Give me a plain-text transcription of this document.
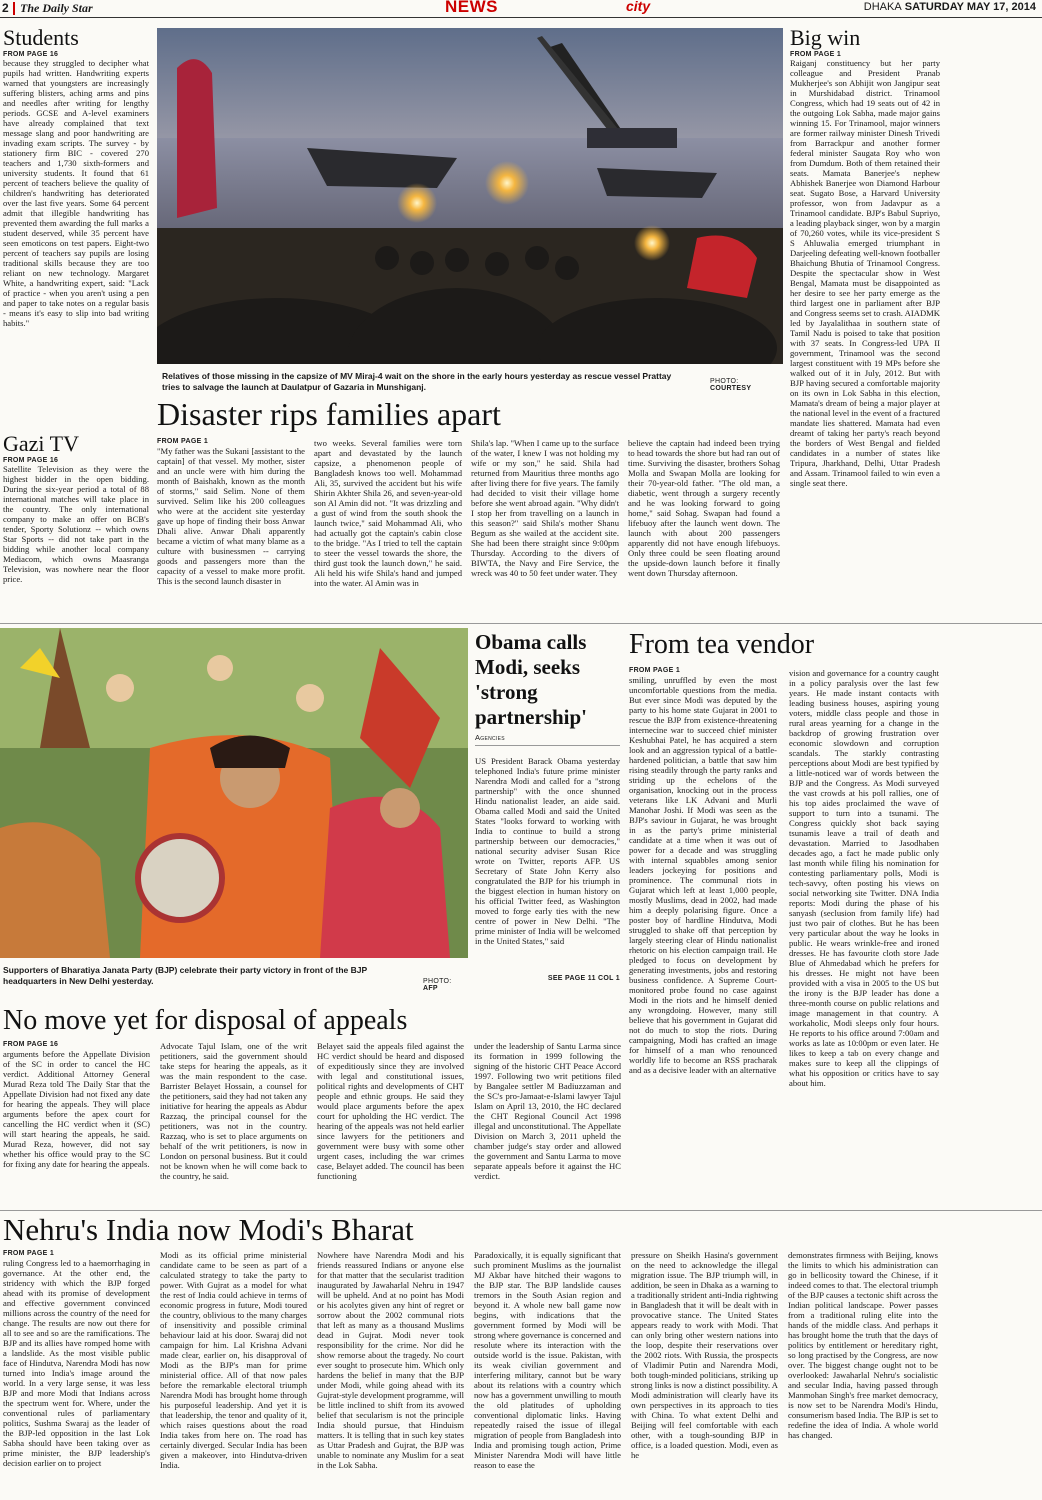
2 The Daily Star	NEWS	city	DHAKA SATURDAY MAY 17, 2014
Students
FROM PAGE 16

because they struggled to decipher what pupils had written. Handwriting experts warned that youngsters are increasingly suffering blisters, aching arms and pins and needles after writing for lengthy periods. GCSE and A-level examiners have already complained that text message slang and poor handwriting are invading exam scripts. The survey - by stationery firm BIC - covered 270 teachers and 1,730 sixth-formers and university students. It found that 61 percent of teachers believe the quality of children's handwriting has deteriorated over the last five years. Some 64 percent admit that illegible handwriting has prevented them awarding the full marks a student deserved, while 35 percent have seen emoticons on test papers. Eight-two percent of teachers say pupils are losing traditional skills because they are too reliant on new technology. Margaret White, a handwriting expert, said: "Lack of practice - when you aren't using a pen and paper to take notes on a regular basis - means it's easy to slip into bad writing habits."

Gazi TV
FROM PAGE 16

Satellite Television as they were the highest bidder in the open bidding. During the six-year period a total of 88 international matches will take place in the country. The only international company to make an offer on BCB's tender, Sporty Solutionz -- which owns Star Sports -- did not take part in the bidding while another local company Mediacom, which owns Maasranga Television, was nowhere near the floor price.

Relatives of those missing in the capsize of MV Miraj-4 wait on the shore in the early hours yesterday as rescue vessel Prattay tries to salvage the launch at Daulatpur of Gazaria in Munshiganj.

PHOTO: COURTESY
Disaster rips families apart
FROM PAGE 1

"My father was the Sukani [assistant to the captain] of that vessel. My mother, sister and an uncle were with him during the month of Baishakh, known as the month of storms," said Selim. None of them survived. Selim like his 200 colleagues who were at the accident site yesterday gave up hope of finding their boss Anwar Dhali alive. Anwar Dhali apparently became a victim of what many blame as a culture with businessmen -- carrying goods and passengers more than the capacity of a vessel to make more profit. This is the second launch disaster in

two weeks. Several families were torn apart and devastated by the launch capsize, a phenomenon people of Bangladesh knows too well. Mohammad Ali, 35, survived the accident but his wife Shirin Akhter Shila 26, and seven-year-old son Al Amin did not. "It was drizzling and a gust of wind from the south shook the launch twice," said Mohammad Ali, who had actually got the captain's cabin close to the bridge. "As I tried to tell the captain to steer the vessel towards the shore, the third gust took the launch down," he said. Ali held his wife Shila's hand and jumped into the water. Al Amin was in

Shila's lap. "When I came up to the surface of the water, I knew I was not holding my wife or my son," he said. Shila had returned from Mauritius three months ago after living there for five years. The family had decided to visit their village home before she went abroad again. "Why didn't I stop her from travelling on a launch in this season?" said Shila's mother Shanu Begum as she wailed at the accident site. She had been there straight since 9:00pm Thursday. According to the divers of BIWTA, the Navy and Fire Service, the wreck was 40 to 50 feet under water. They

believe the captain had indeed been trying to head towards the shore but had ran out of time. Surviving the disaster, brothers Sohag Molla and Swapan Molla are looking for their 70-year-old father. "The old man, a diabetic, went through a surgery recently and he was looking forward to going home," said Sohag. Swapan had found a lifebuoy after the launch went down. The launch with about 200 passengers apparently did not have enough lifebuoys. Only three could be seen floating around the upside-down launch before it finally went down Thursday afternoon.

Big win
FROM PAGE 1

Raiganj constituency but her party colleague and President Pranab Mukherjee's son Abhijit won Jangipur seat in Murshidabad district. Trinamool Congress, which had 19 seats out of 42 in the outgoing Lok Sabha, made major gains winning 15. For Trinamool, major winners are former railway minister Dinesh Trivedi from Barrackpur and another former federal minister Saugata Roy who won from Dumdum. Both of them retained their seats. Mamata Banerjee's nephew Abhishek Banerjee won Diamond Harbour seat. Sugato Bose, a Harvard University professor, won from Jadavpur as a Trinamool candidate. BJP's Babul Supriyo, a leading playback singer, won by a margin of 70,260 votes, while its vice-president S S Ahluwalia emerged triumphant in Darjeeling defeating well-known footballer Bhaichung Bhutia of Trinamool Congress. Despite the spectacular show in West Bengal, Mamata must be disappointed as her desire to see her party emerge as the third largest one in parliament after BJP and Congress seems set to crash. AIADMK led by Jayalalithaa in southern state of Tamil Nadu is poised to take that position with 37 seats. In Congress-led UPA II government, Trinamool was the second largest constituent with 19 MPs before she walked out of it in July, 2012. But with BJP having secured a comfortable majority on its own in Lok Sabha in this election, Mamata's dream of being a major player at the national level in the event of a fractured mandate lies shattered. Mamata had even dreamt of taking her party's reach beyond the borders of West Bengal and fielded candidates in a number of states like Tripura, Jharkhand, Delhi, Uttar Pradesh and Assam. Trinamool failed to win even a single seat there.

Supporters of Bharatiya Janata Party (BJP) celebrate their party victory in front of the BJP headquarters in New Delhi yesterday.	PHOTO: AFP
Obama calls Modi, seeks 'strong partnership'
Agencies

US President Barack Obama yesterday telephoned India's future prime minister Narendra Modi and called for a "strong partnership" with the once shunned Hindu nationalist leader, an aide said. Obama called Modi and said the United States "looks forward to working with India to continue to build a strong partnership between our democracies," national security adviser Susan Rice wrote on Twitter, reports AFP. US Secretary of State John Kerry also congratulated the BJP for his triumph in the biggest election in human history on his official Twitter feed, as Washington moved to forge early ties with the new centre of power in New Delhi. "The prime minister of India will be welcomed in the United States," said

SEE PAGE 11 COL 1
From tea vendor
FROM PAGE 1

smiling, unruffled by even the most uncomfortable questions from the media. But ever since Modi was deputed by the party to his home state Gujarat in 2001 to rescue the BJP from existence-threatening internecine war to succeed chief minister Keshubhai Patel, he has acquired a stern look and an aggression typical of a battle-hardened politician, a battle that saw him rising steadily through the party ranks and striding up the echelons of the organisation, knocking out in the process veterans like LK Advani and Murli Manohar Joshi. If Modi was seen as the BJP's saviour in Gujarat, he was brought in as the party's prime ministerial candidate at a time when it was out of power for a decade and was struggling with internal squabbles among senior leaders jockeying for positions and prominence. The communal riots in Gujarat which left at least 1,000 people, mostly Muslims, dead in 2002, had made him a deeply polarising figure. Once a poster boy of hardline Hindutva, Modi struggled to shake off that perception by largely steering clear of Hindu nationalist rhetoric on his election campaign trail. He pledged to focus on development by generating investments, jobs and restoring business confidence. A Supreme Court-monitored probe found no case against Modi in the riots and he himself denied any wrongdoing. However, many still believe that his government in Gujarat did not do much to stop the riots. During campaigning, Modi has crafted an image for himself of a man who renounced worldly life to become an RSS pracharak and as a decisive leader with an alternative

vision and governance for a country caught in a policy paralysis over the last few years. He made instant contacts with leading business houses, aspiring young voters, middle class people and those in rural areas yearning for a change in the backdrop of growing frustration over economic slowdown and corruption scandals. The starkly contrasting perceptions about Modi are best typified by a little-noticed war of words between the BJP and the Congress. As Modi surveyed the vast crowds at his poll rallies, one of his top aides proclaimed the wave of support to turn into a tsunami. The Congress quickly shot back saying tsunamis leave a trail of death and devastation. Married to Jasodhaben decades ago, a fact he made public only last month while filing his nomination for contesting parliamentary polls, Modi is tech-savvy, often posting his views on social networking site Twitter. DNA India reports: Modi during the phase of his sanyash (seclusion from family life) had just two pair of clothes. But he has been very particular about the way he looks in public. He wears wrinkle-free and ironed dresses. He has favourite cloth store Jade Blue of Ahmedabad which he prefers for his dresses. He might not have been provided with a visa in 2005 to the US but the irony is the BJP leader has done a three-month course on public relations and image management in that country. A workaholic, Modi sleeps only four hours. He reports to his office around 7:00am and works as late as 10:00pm or even later. He likes to keep a tab on every change and makes sure to keep all the clippings of what his opposition or critics have to say about him.

No move yet for disposal of appeals
FROM PAGE 16

arguments before the Appellate Division of the SC in order to cancel the HC verdict. Additional Attorney General Murad Reza told The Daily Star that the Appellate Division had not fixed any date for hearing the appeals. They will place arguments before the apex court for cancelling the HC verdict when it (SC) will start hearing the appeals, he said. Murad Reza, however, did not say whether his office would pray to the SC for fixing any date for hearing the appeals.

Advocate Tajul Islam, one of the writ petitioners, said the government should take steps for hearing the appeals, as it was the main respondent to the case. Barrister Belayet Hossain, a counsel for the petitioners, said they had not taken any initiative for hearing the appeals as Abdur Razzaq, the principal counsel for the petitioners, was not in the country. Razzaq, who is set to place arguments on behalf of the writ petitioners, is now in London on personal business. But it could not be known when he will come back to the country, he said.

Belayet said the appeals filed against the HC verdict should be heard and disposed of expeditiously since they are involved with legal and constitutional issues, political rights and developments of CHT people and ethnic groups. He said they would place arguments before the apex court for upholding the HC verdict. The hearing of the appeals was not held earlier since lawyers for the petitioners and government were busy with some other urgent cases, including the war crimes case, Belayet added. The council has been functioning

under the leadership of Santu Larma since its formation in 1999 following the signing of the historic CHT Peace Accord 1997. Following two writ petitions filed by Bangalee settler M Badiuzzaman and the SC's pro-Jamaat-e-Islami lawyer Tajul Islam on April 13, 2010, the HC declared the CHT Regional Council Act 1998 illegal and unconstitutional. The Appellate Division on March 3, 2011 upheld the chamber judge's stay order and allowed the government and Santu Larma to move separate appeals before it against the HC verdict.

Nehru's India now Modi's Bharat
FROM PAGE 1

ruling Congress led to a haemorrhaging in governance. At the other end, the stridency with which the BJP forged ahead with its promise of development and effective government convinced millions across the country of the need for change. The results are now out there for all to see and so are the ramifications. The BJP and its allies have romped home with a landslide. As the most visible public face of Hindutva, Narendra Modi has now turned into India's image around the world. In a very large sense, it was less BJP and more Modi that Indians across the spectrum went for. Where, under the conventional rules of parliamentary politics, Sushma Swaraj as the leader of the BJP-led opposition in the last Lok Sabha should have been taking over as prime minister, the BJP leadership's decision earlier on to project

Modi as its official prime ministerial candidate came to be seen as part of a calculated strategy to take the party to power. With Gujrat as a model for what the rest of India could achieve in terms of economic progress in future, Modi toured the country, oblivious to the many charges of insensitivity and possible criminal behaviour laid at his door. Swaraj did not campaign for him. Lal Krishna Advani made clear, earlier on, his disapproval of Modi as the BJP's man for prime ministerial office. All of that now pales before the remarkable electoral triumph Narendra Modi has brought home through his purposeful leadership. And yet it is that leadership, the tenor and quality of it, which raises questions about the road India takes from here on. The road has certainly diverged. Secular India has been given a makeover, into Hindutva-driven India.

Nowhere have Narendra Modi and his friends reassured Indians or anyone else for that matter that the secularist tradition inaugurated by Jawaharlal Nehru in 1947 will be upheld. And at no point has Modi or his acolytes given any hint of regret or sorrow about the 2002 communal riots that left as many as a thousand Muslims dead in Gujrat. Modi never took responsibility for the crime. Nor did he show remorse about the tragedy. No court ever sought to prosecute him. Which only hardens the belief in many that the BJP under Modi, while going ahead with its Gujrat-style development programme, will be little inclined to shift from its avowed belief that secularism is not the principle India should pursue, that Hinduism matters. It is telling that in such key states as Uttar Pradesh and Gujrat, the BJP was unable to nominate any Muslim for a seat in the Lok Sabha.

Paradoxically, it is equally significant that such prominent Muslims as the journalist MJ Akbar have hitched their wagons to the BJP star. The BJP landslide causes tremors in the South Asian region and beyond it. A whole new ball game now begins, with indications that the government formed by Modi will be strong where governance is concerned and resolute where its interaction with the outside world is the issue. Pakistan, with its weak civilian government and interfering military, cannot but be wary about its relations with a country which now has a government unwilling to mouth the old platitudes of upholding conventional diplomatic links. Having repeatedly raised the issue of illegal migration of people from Bangladesh into India and promising tough action, Prime Minister Narendra Modi will have little reason to ease the

pressure on Sheikh Hasina's government on the need to acknowledge the illegal migration issue. The BJP triumph will, in addition, be seen in Dhaka as a warning to a traditionally strident anti-India rightwing in Bangladesh that it will be dealt with in provocative stance. The United States appears ready to work with Modi. That can only bring other western nations into the loop, despite their reservations over the 2002 riots. With Russia, the prospects of Vladimir Putin and Narendra Modi, both tough-minded politicians, striking up strong links is now a distinct possibility. A Modi administration will clearly have its own perspectives in its approach to ties with China. To what extent Delhi and Beijing will feel comfortable with each other, with a tough-sounding BJP in office, is a loaded question. Modi, even as he

demonstrates firmness with Beijing, knows the limits to which his administration can go in bellicosity toward the Chinese, if it indeed comes to that. The electoral triumph of the BJP causes a tectonic shift across the Indian political landscape. Power passes from a traditional ruling elite into the hands of the middle class. And perhaps it has brought home the truth that the days of politics by entitlement or hereditary right, so long practised by the Congress, are now over. The biggest change ought not to be overlooked: Jawaharlal Nehru's socialistic and secular India, having passed through Manmohan Singh's free market democracy, is now set to be Narendra Modi's Hindu, consumerism based India. The BJP is set to redefine the idea of India. A whole world has changed.
